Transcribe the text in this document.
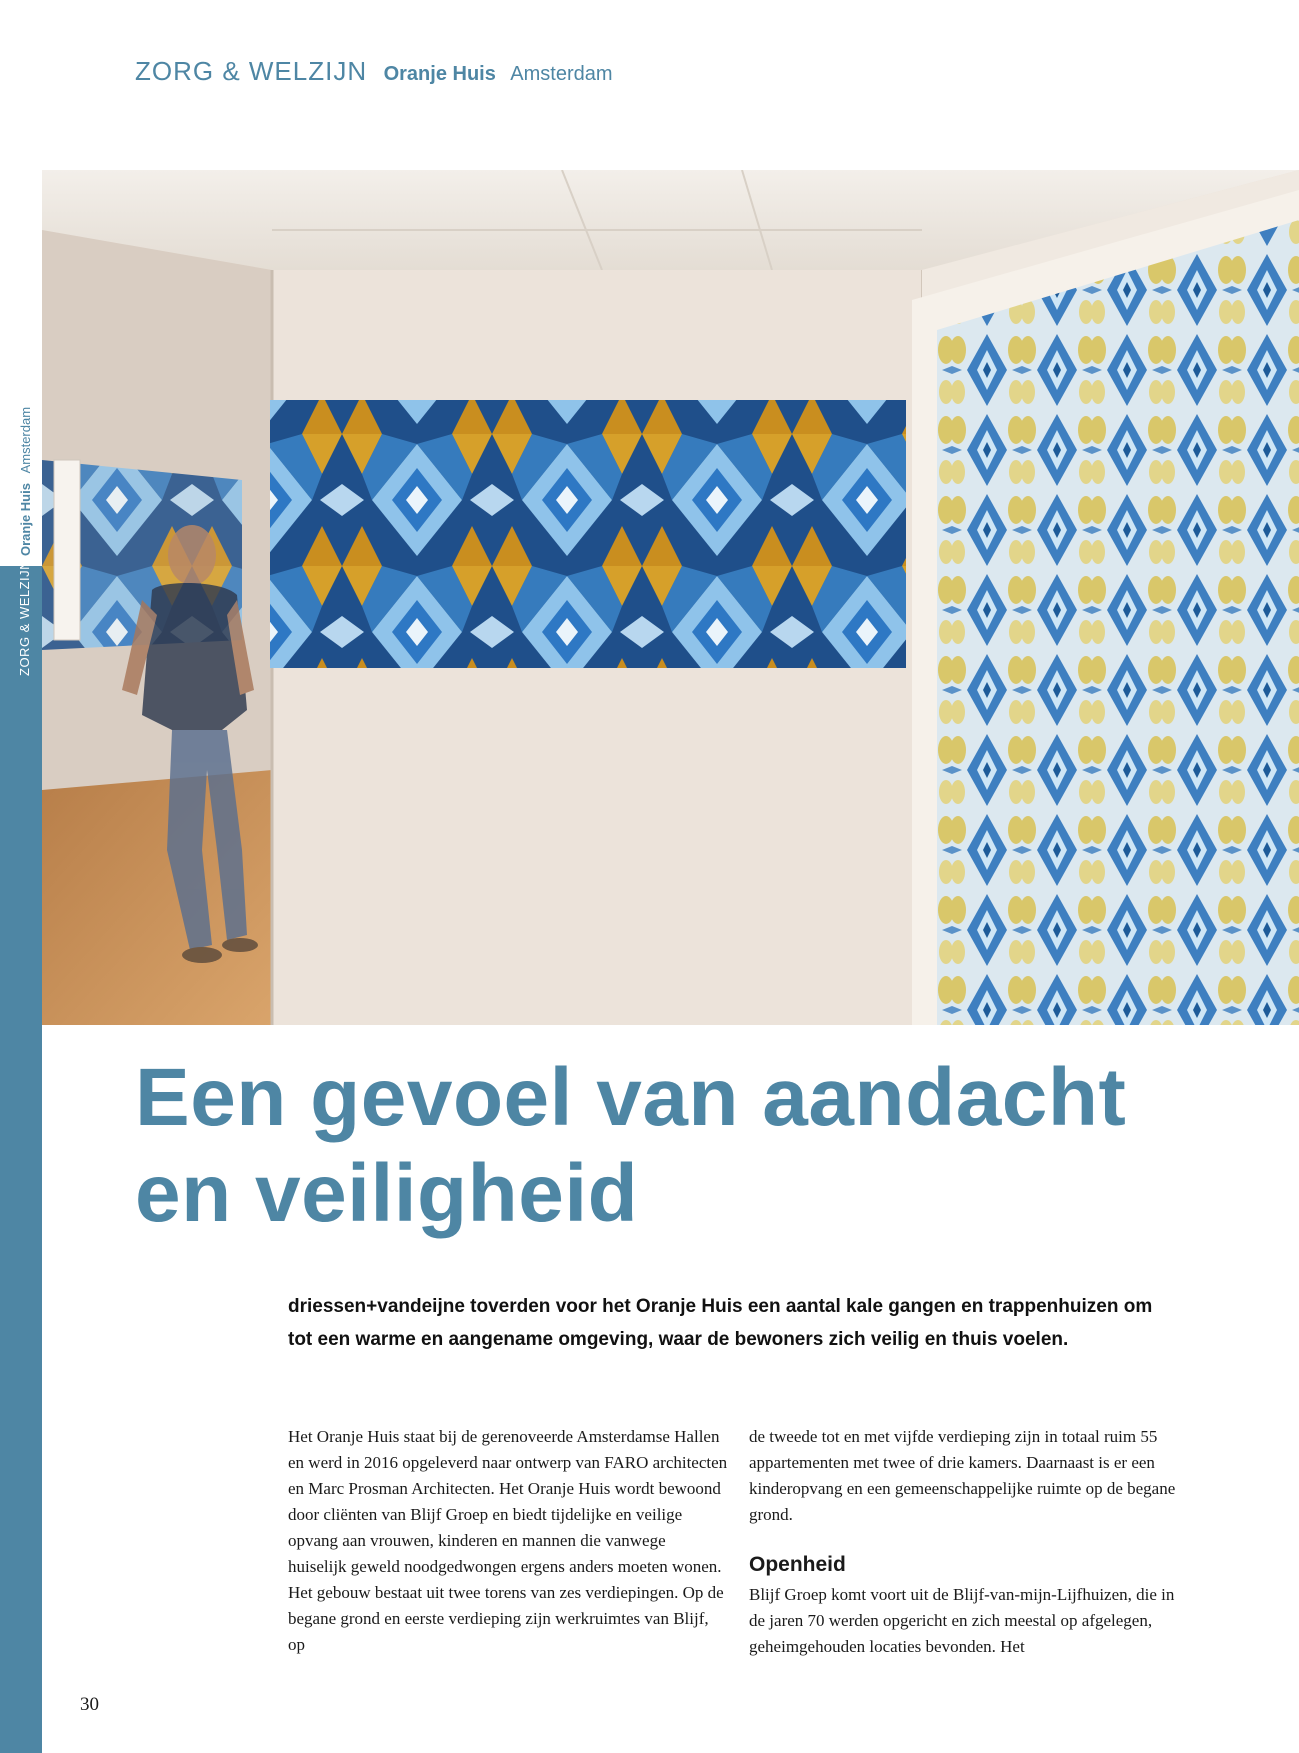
ZORG & WELZIJN Oranje Huis Amsterdam
Oranje Huis Amsterdam
ZORG & WELZIJN
Een gevoel van aandacht
en veiligheid

driessen+vandeijne toverden voor het Oranje Huis een aantal kale gangen en trappenhuizen om tot een warme en aangename omgeving, waar de bewoners zich veilig en thuis voelen.

Het Oranje Huis staat bij de gerenoveerde Amsterdamse Hallen en werd in 2016 opgeleverd naar ontwerp van FARO architecten en Marc Prosman Architecten. Het Oranje Huis wordt bewoond door cliënten van Blijf Groep en biedt tijdelijke en veilige opvang aan vrouwen, kinderen en mannen die vanwege huiselijk geweld noodgedwongen ergens anders moeten wonen. Het gebouw bestaat uit twee torens van zes verdiepingen. Op de begane grond en eerste verdieping zijn werkruimtes van Blijf, op

de tweede tot en met vijfde verdieping zijn in totaal ruim 55 appartementen met twee of drie kamers. Daarnaast is er een kinderopvang en een gemeenschappelijke ruimte op de begane grond.

Openheid

Blijf Groep komt voort uit de Blijf-van-mijn-Lijfhuizen, die in de jaren 70 werden opgericht en zich meestal op afgelegen, geheimgehouden locaties bevonden. Het

30
